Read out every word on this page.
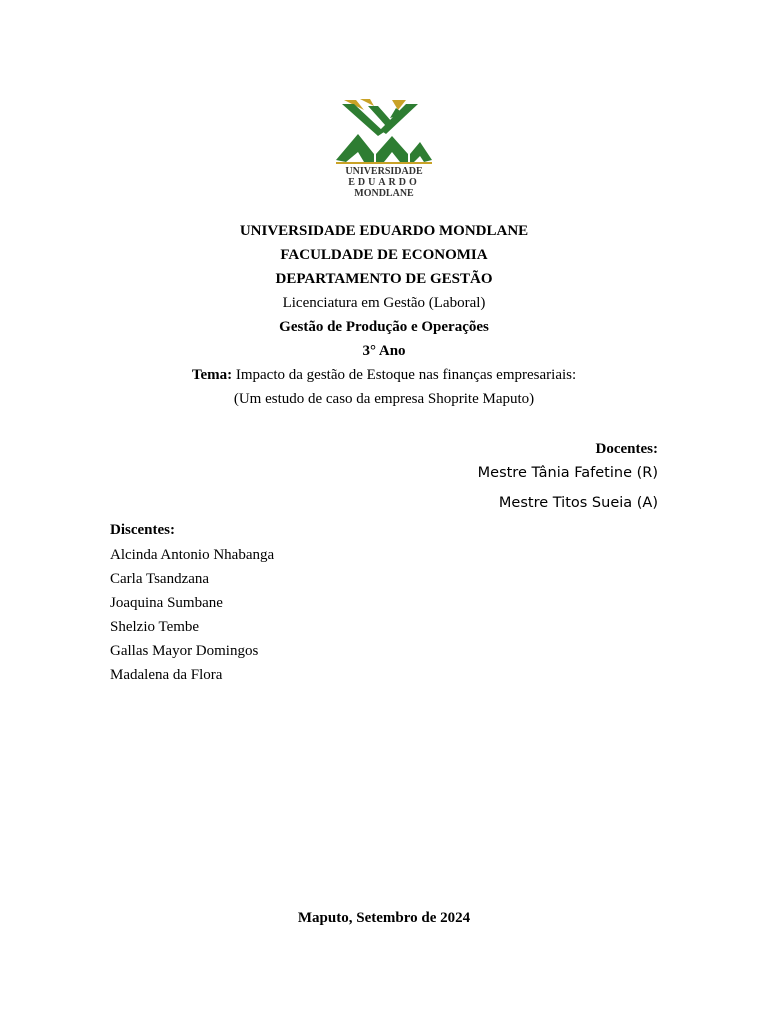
UNIVERSIDADE
EDUARDO
MONDLANE
UNIVERSIDADE EDUARDO MONDLANE
FACULDADE DE ECONOMIA
DEPARTAMENTO DE GESTÃO
Licenciatura em Gestão (Laboral)
Gestão de Produção e Operações
3° Ano
Tema: Impacto da gestão de Estoque nas finanças empresariais:
(Um estudo de caso da empresa Shoprite Maputo)
Docentes:
Mestre Tânia Fafetine (R)
Mestre Titos Sueia (A)
Discentes:
Alcinda Antonio Nhabanga
Carla Tsandzana
Joaquina Sumbane
Shelzio Tembe
Gallas Mayor Domingos
Madalena da Flora
Maputo, Setembro de 2024
